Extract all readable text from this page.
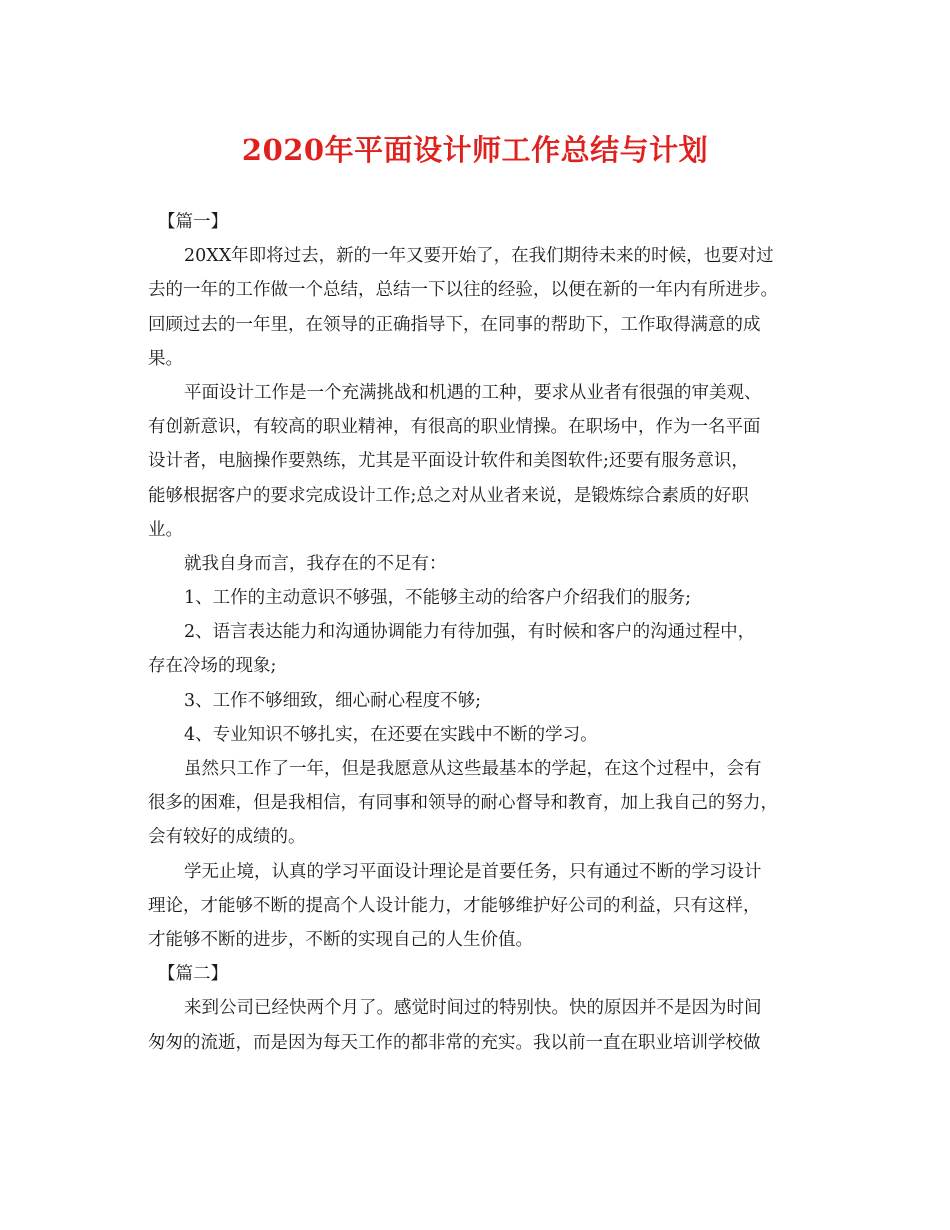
2020年平面设计师工作总结与计划

【篇一】

20XX年即将过去，新的一年又要开始了，在我们期待未来的时候，也要对过

去的一年的工作做一个总结，总结一下以往的经验，以便在新的一年内有所进步。

回顾过去的一年里，在领导的正确指导下，在同事的帮助下，工作取得满意的成

果。

平面设计工作是一个充满挑战和机遇的工种，要求从业者有很强的审美观、

有创新意识，有较高的职业精神，有很高的职业情操。在职场中，作为一名平面

设计者，电脑操作要熟练，尤其是平面设计软件和美图软件;还要有服务意识，

能够根据客户的要求完成设计工作;总之对从业者来说，是锻炼综合素质的好职

业。

就我自身而言，我存在的不足有：

1、工作的主动意识不够强，不能够主动的给客户介绍我们的服务;

2、语言表达能力和沟通协调能力有待加强，有时候和客户的沟通过程中，

存在冷场的现象;

3、工作不够细致，细心耐心程度不够;

4、专业知识不够扎实，在还要在实践中不断的学习。

虽然只工作了一年，但是我愿意从这些最基本的学起，在这个过程中，会有

很多的困难，但是我相信，有同事和领导的耐心督导和教育，加上我自己的努力，

会有较好的成绩的。

学无止境，认真的学习平面设计理论是首要任务，只有通过不断的学习设计

理论，才能够不断的提高个人设计能力，才能够维护好公司的利益，只有这样，

才能够不断的进步，不断的实现自己的人生价值。

【篇二】

来到公司已经快两个月了。感觉时间过的特别快。快的原因并不是因为时间

匆匆的流逝，而是因为每天工作的都非常的充实。我以前一直在职业培训学校做
